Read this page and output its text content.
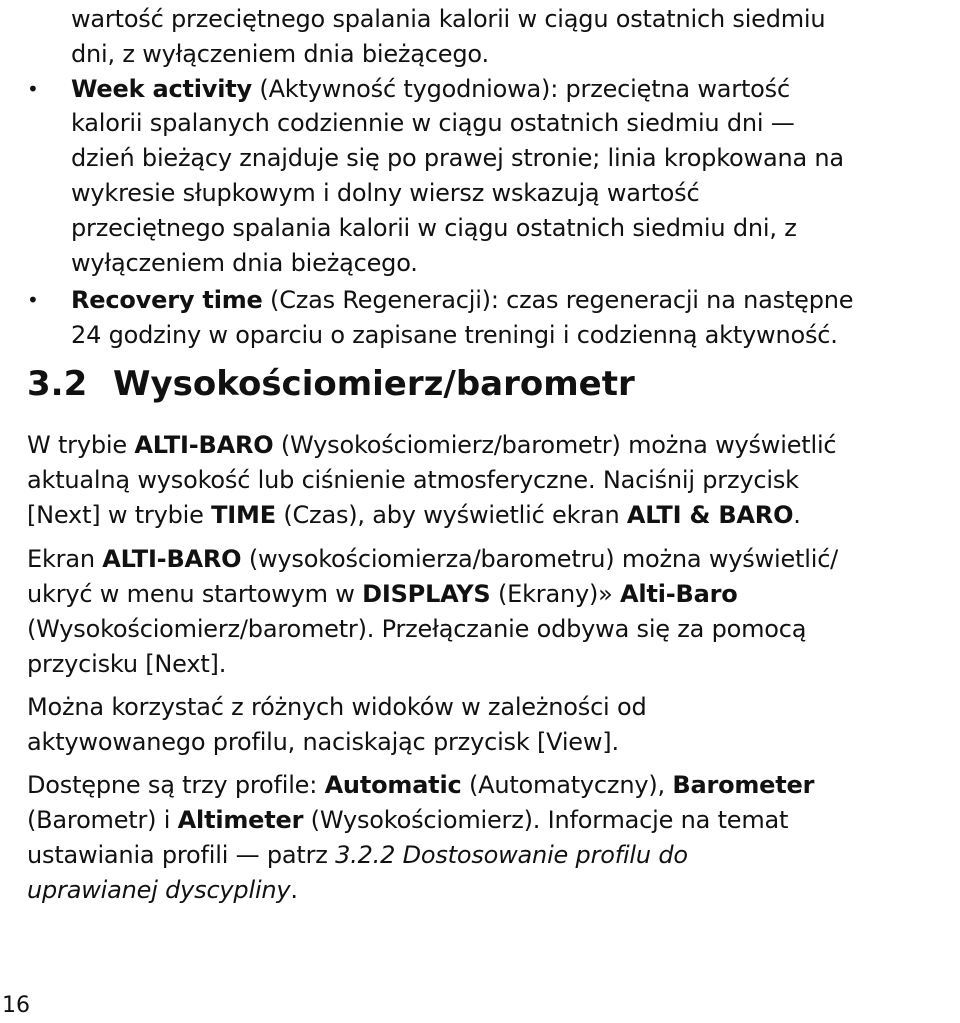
wartość przeciętnego spalania kalorii w ciągu ostatnich siedmiu
dni, z wyłączeniem dnia bieżącego.
• Week activity (Aktywność tygodniowa): przeciętna wartość
kalorii spalanych codziennie w ciągu ostatnich siedmiu dni —
dzień bieżący znajduje się po prawej stronie; linia kropkowana na
wykresie słupkowym i dolny wiersz wskazują wartość
przeciętnego spalania kalorii w ciągu ostatnich siedmiu dni, z
wyłączeniem dnia bieżącego.
• Recovery time (Czas Regeneracji): czas regeneracji na następne
24 godziny w oparciu o zapisane treningi i codzienną aktywność.
3.2 Wysokościomierz/barometr
W trybie ALTI-BARO (Wysokościomierz/barometr) można wyświetlić
aktualną wysokość lub ciśnienie atmosferyczne. Naciśnij przycisk
[Next] w trybie TIME (Czas), aby wyświetlić ekran ALTI & BARO.
Ekran ALTI-BARO (wysokościomierza/barometru) można wyświetlić/
ukryć w menu startowym w DISPLAYS (Ekrany)» Alti-Baro
(Wysokościomierz/barometr). Przełączanie odbywa się za pomocą
przycisku [Next].
Można korzystać z różnych widoków w zależności od
aktywowanego profilu, naciskając przycisk [View].
Dostępne są trzy profile: Automatic (Automatyczny), Barometer
(Barometr) i Altimeter (Wysokościomierz). Informacje na temat
ustawiania profili — patrz 3.2.2 Dostosowanie profilu do
uprawianej dyscypliny.
16
